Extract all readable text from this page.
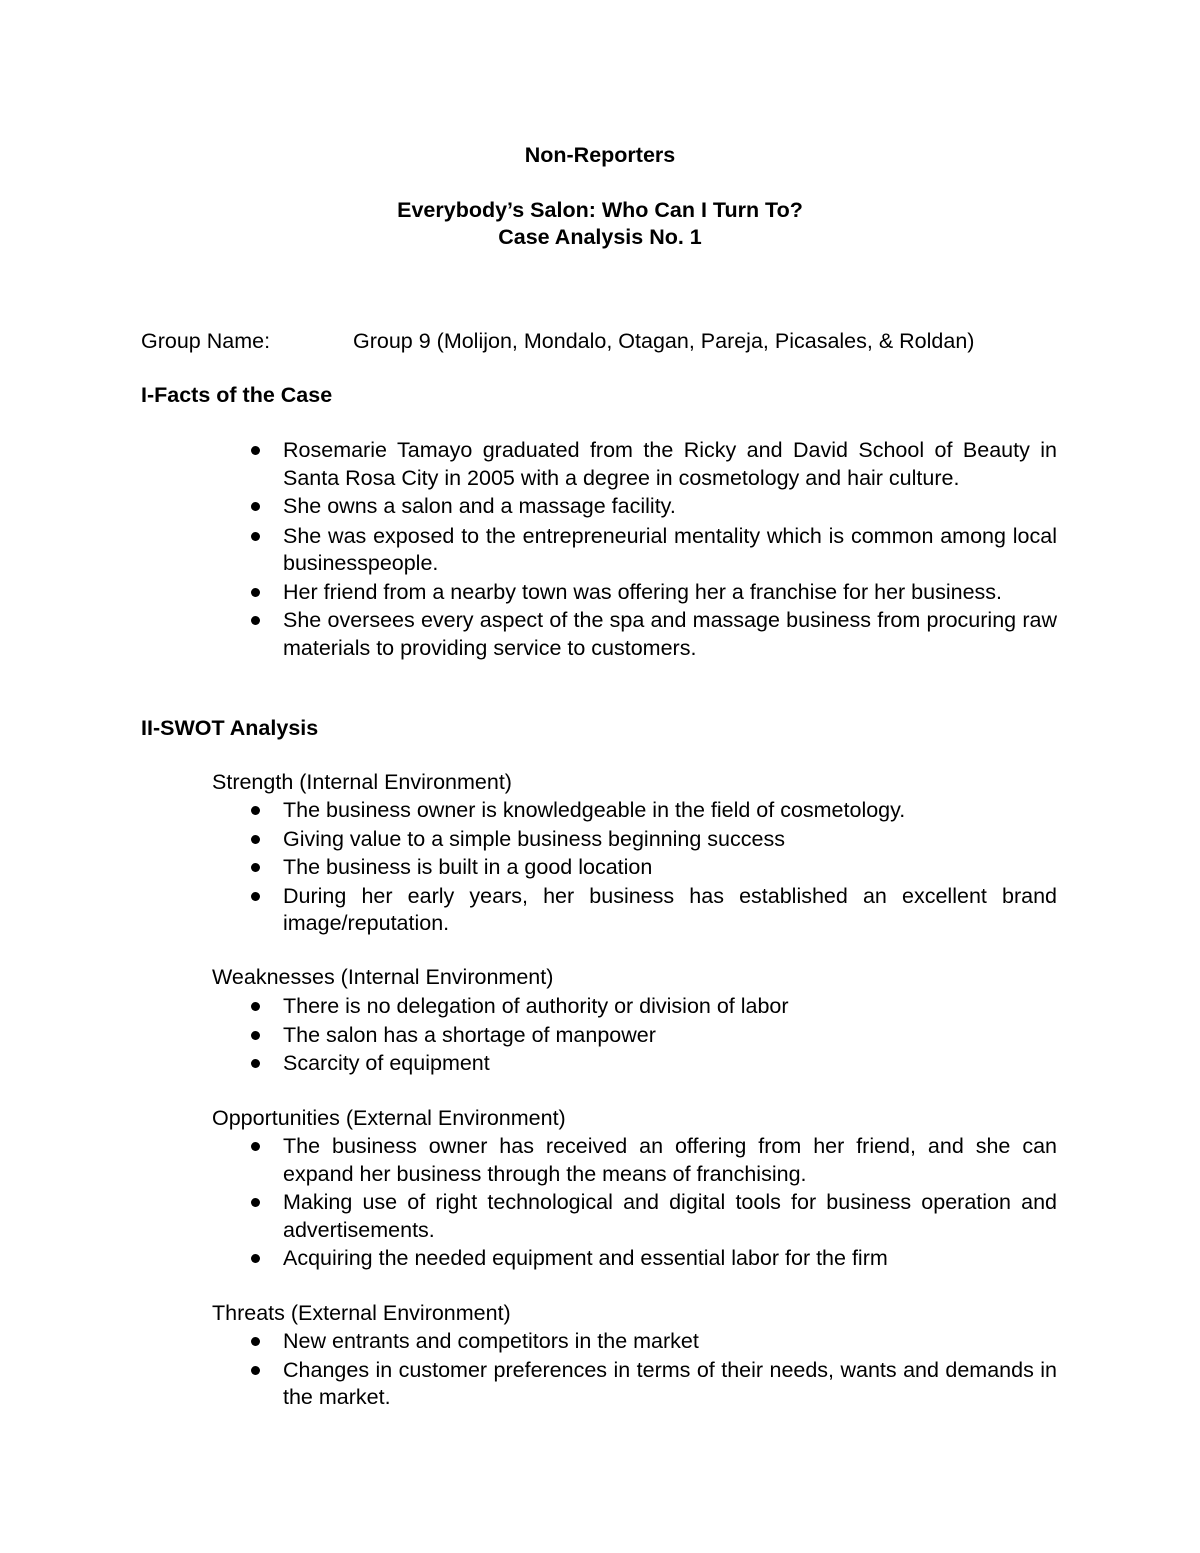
Non-Reporters
Everybody’s Salon: Who Can I Turn To?
Case Analysis No. 1
Group Name:	Group 9 (Molijon, Mondalo, Otagan, Pareja, Picasales, & Roldan)
I-Facts of the Case
Rosemarie Tamayo graduated from the Ricky and David School of Beauty in Santa Rosa City in 2005 with a degree in cosmetology and hair culture.
She owns a salon and a massage facility.
She was exposed to the entrepreneurial mentality which is common among local businesspeople.
Her friend from a nearby town was offering her a franchise for her business.
She oversees every aspect of the spa and massage business from procuring raw materials to providing service to customers.
II-SWOT Analysis
Strength (Internal Environment)
The business owner is knowledgeable in the field of cosmetology.
Giving value to a simple business beginning success
The business is built in a good location
During her early years, her business has established an excellent brand image/reputation.
Weaknesses (Internal Environment)
There is no delegation of authority or division of labor
The salon has a shortage of manpower
Scarcity of equipment
Opportunities (External Environment)
The business owner has received an offering from her friend, and she can expand her business through the means of franchising.
Making use of right technological and digital tools for business operation and advertisements.
Acquiring the needed equipment and essential labor for the firm
Threats (External Environment)
New entrants and competitors in the market
Changes in customer preferences in terms of their needs, wants and demands in the market.
